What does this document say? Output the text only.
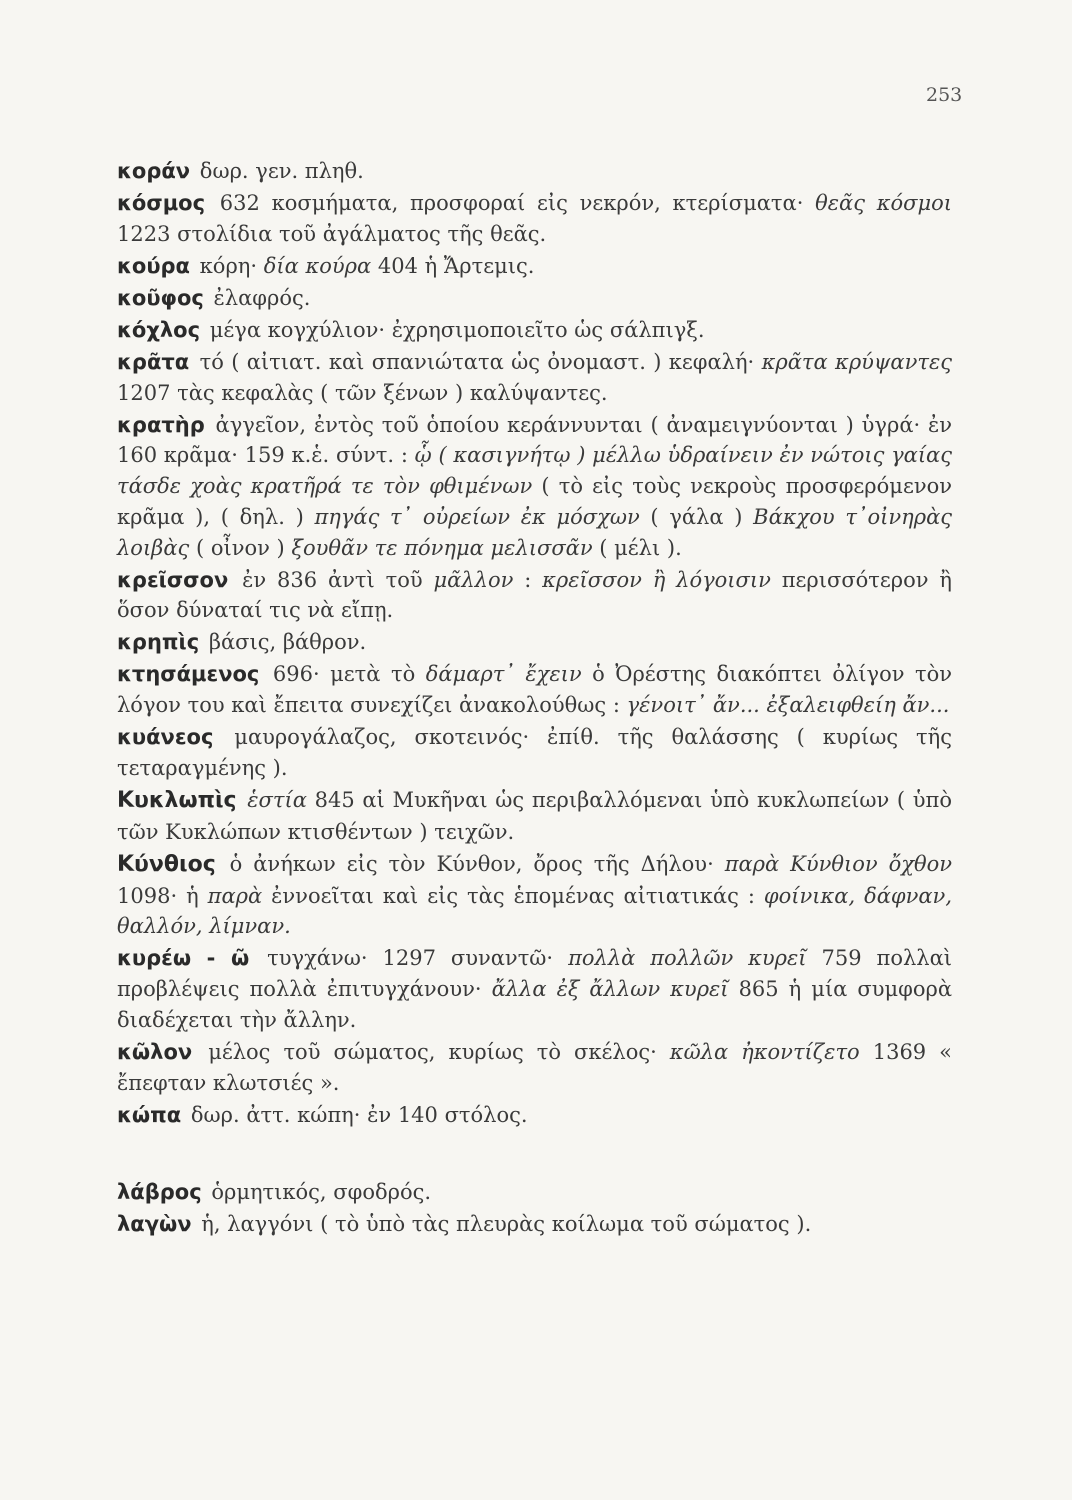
253

κοράν δωρ. γεν. πληθ.

κόσμος 632 κοσμήματα, προσφοραί εἰς νεκρόν, κτερίσματα· θεᾶς κόσμοι 1223 στολίδια τοῦ ἀγάλματος τῆς θεᾶς.

κούρα κόρη· δία κούρα 404 ἡ Ἄρτεμις.

κοῦφος ἐλαφρός.

κόχλος μέγα κογχύλιον· ἐχρησιμοποιεῖτο ὡς σάλπιγξ.

κρᾶτα τό ( αἰτιατ. καὶ σπανιώτατα ὡς ὀνομαστ. ) κεφαλή· κρᾶτα κρύψαντες 1207 τὰς κεφαλὰς ( τῶν ξένων ) καλύψαντες.

κρατὴρ ἀγγεῖον, ἐντὸς τοῦ ὁποίου κεράννυνται ( ἀναμειγνύονται ) ὑγρά· ἐν 160 κρᾶμα· 159 κ.ἑ. σύντ. : ᾧ ( κασιγνήτῳ ) μέλλω ὑδραίνειν ἐν νώτοις γαίας τάσδε χοὰς κρατῆρά τε τὸν φθιμένων ( τὸ εἰς τοὺς νεκροὺς προσφερόμενον κρᾶμα ), ( δηλ. ) πηγάς τ᾽ οὐρείων ἐκ μόσχων ( γάλα ) Βάκχου τ᾽οἰνηρὰς λοιβὰς ( οἶνον ) ξουθᾶν τε πόνημα μελισσᾶν ( μέλι ).

κρεῖσσον ἐν 836 ἀντὶ τοῦ μᾶλλον : κρεῖσσον ἢ λόγοισιν περισσότερον ἢ ὅσον δύναταί τις νὰ εἴπῃ.

κρηπὶς βάσις, βάθρον.

κτησάμενος 696· μετὰ τὸ δάμαρτ᾽ ἔχειν ὁ Ὀρέστης διακόπτει ὀλίγον τὸν λόγον του καὶ ἔπειτα συνεχίζει ἀνακολούθως : γένοιτ᾽ ἄν... ἐξαλειφθείη ἄν...

κυάνεος μαυρογάλαζος, σκοτεινός· ἐπίθ. τῆς θαλάσσης ( κυρίως τῆς τεταραγμένης ).

Κυκλωπὶς ἑστία 845 αἱ Μυκῆναι ὡς περιβαλλόμεναι ὑπὸ κυκλωπείων ( ὑπὸ τῶν Κυκλώπων κτισθέντων ) τειχῶν.

Κύνθιος ὁ ἀνήκων εἰς τὸν Κύνθον, ὄρος τῆς Δήλου· παρὰ Κύνθιον ὄχθον 1098· ἡ παρὰ ἐννοεῖται καὶ εἰς τὰς ἑπομένας αἰτιατικάς : φοίνικα, δάφναν, θαλλόν, λίμναν.

κυρέω - ῶ τυγχάνω· 1297 συναντῶ· πολλὰ πολλῶν κυρεῖ 759 πολλαὶ προβλέψεις πολλὰ ἐπιτυγχάνουν· ἄλλα ἐξ ἄλλων κυρεῖ 865 ἡ μία συμφορὰ διαδέχεται τὴν ἄλλην.

κῶλον μέλος τοῦ σώματος, κυρίως τὸ σκέλος· κῶλα ἠκοντίζετο 1369 « ἔπεφταν κλωτσιές ».

κώπα δωρ. ἀττ. κώπη· ἐν 140 στόλος.

λάβρος ὁρμητικός, σφοδρός.

λαγὼν ἡ, λαγγόνι ( τὸ ὑπὸ τὰς πλευρὰς κοίλωμα τοῦ σώματος ).
